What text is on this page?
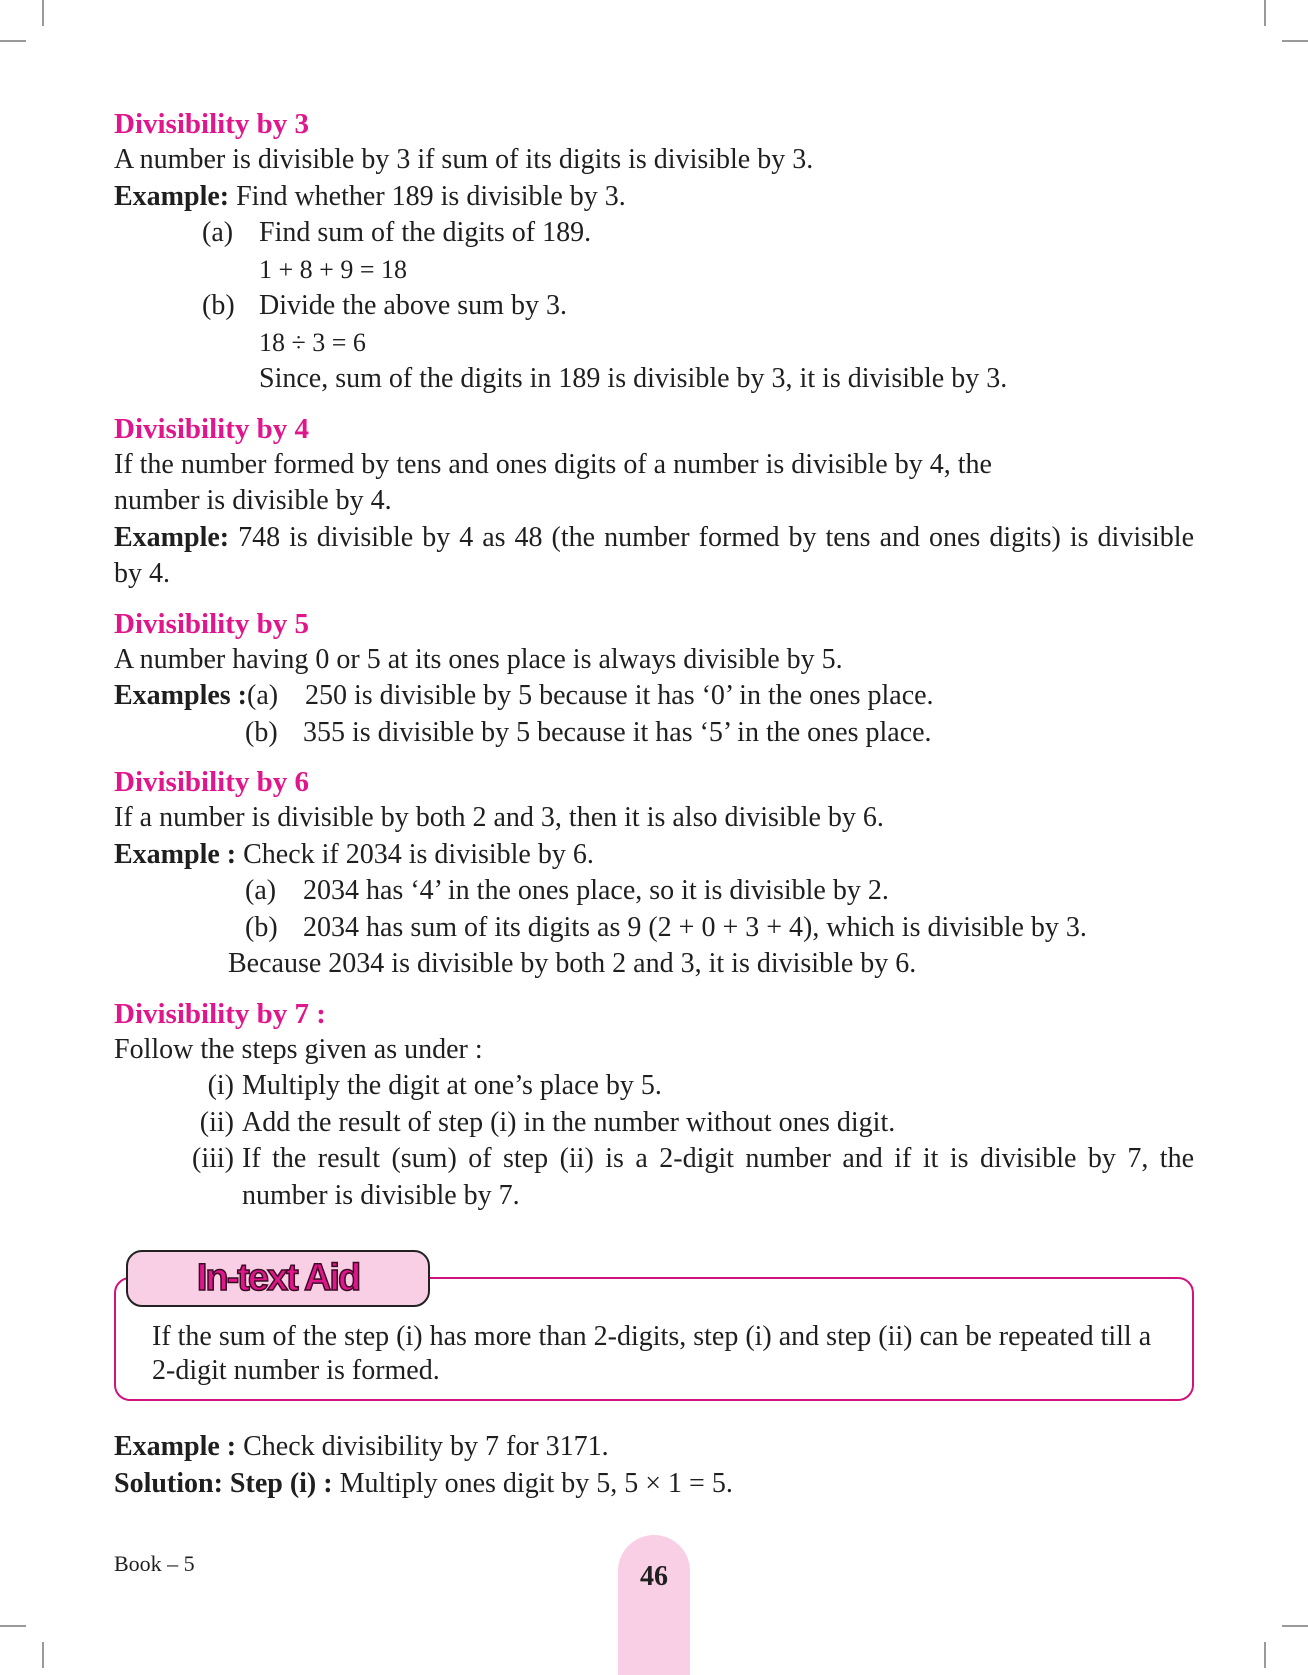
Divisibility by 3
A number is divisible by 3 if sum of its digits is divisible by 3.
Example: Find whether 189 is divisible by 3.
(a) Find sum of the digits of 189.
1 + 8 + 9 = 18
(b) Divide the above sum by 3.
18 ÷ 3 = 6
Since, sum of the digits in 189 is divisible by 3, it is divisible by 3.
Divisibility by 4
If the number formed by tens and ones digits of a number is divisible by 4, the number is divisible by 4.
Example: 748 is divisible by 4 as 48 (the number formed by tens and ones digits) is divisible by 4.
Divisibility by 5
A number having 0 or 5 at its ones place is always divisible by 5.
Examples :(a) 250 is divisible by 5 because it has ‘0’ in the ones place.
(b) 355 is divisible by 5 because it has ‘5’ in the ones place.
Divisibility by 6
If a number is divisible by both 2 and 3, then it is also divisible by 6.
Example : Check if 2034 is divisible by 6.
(a) 2034 has ‘4’ in the ones place, so it is divisible by 2.
(b) 2034 has sum of its digits as 9 (2 + 0 + 3 + 4), which is divisible by 3.
Because 2034 is divisible by both 2 and 3, it is divisible by 6.
Divisibility by 7 :
Follow the steps given as under :
(i) Multiply the digit at one’s place by 5.
(ii) Add the result of step (i) in the number without ones digit.
(iii) If the result (sum) of step (ii) is a 2-digit number and if it is divisible by 7, the number is divisible by 7.
In-text Aid
If the sum of the step (i) has more than 2-digits, step (i) and step (ii) can be repeated till a 2-digit number is formed.
Example : Check divisibility by 7 for 3171.
Solution: Step (i) : Multiply ones digit by 5, 5 × 1 = 5.
Book – 5	46
